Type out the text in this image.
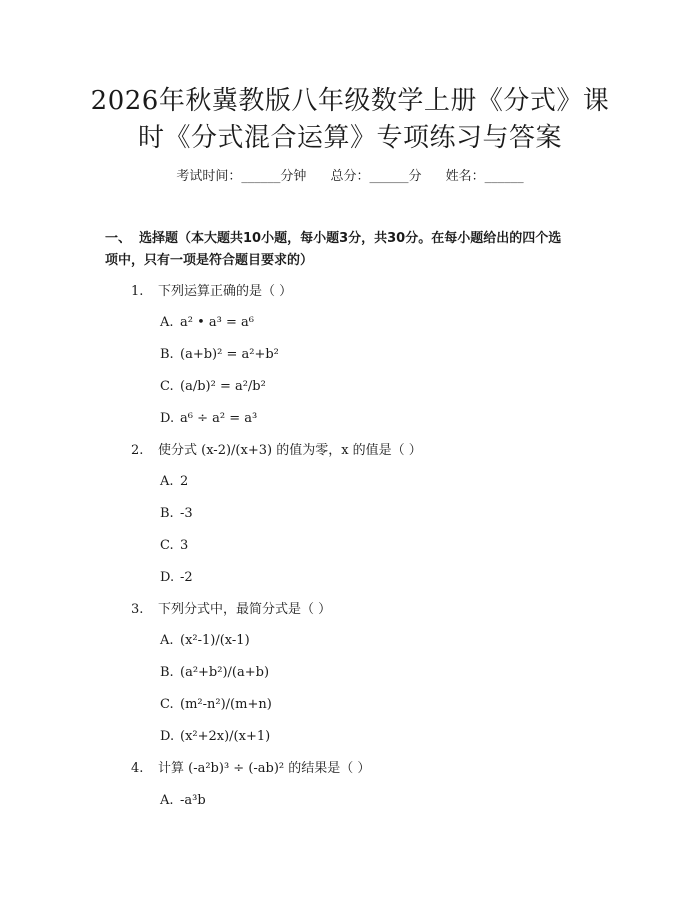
2026年秋冀教版八年级数学上册《分式》课
时《分式混合运算》专项练习与答案
考试时间：______分钟 总分：______分 姓名：______
一、 选择题（本大题共10小题，每小题3分，共30分。在每小题给出的四个选
项中，只有一项是符合题目要求的）
1. 下列运算正确的是（ ）
A. a² • a³ = a⁶
B. (a+b)² = a²+b²
C. (a/b)² = a²/b²
D. a⁶ ÷ a² = a³
2. 使分式 (x-2)/(x+3) 的值为零，x 的值是（ ）
A. 2
B. -3
C. 3
D. -2
3. 下列分式中，最简分式是（ ）
A. (x²-1)/(x-1)
B. (a²+b²)/(a+b)
C. (m²-n²)/(m+n)
D. (x²+2x)/(x+1)
4. 计算 (-a²b)³ ÷ (-ab)² 的结果是（ ）
A. -a³b
